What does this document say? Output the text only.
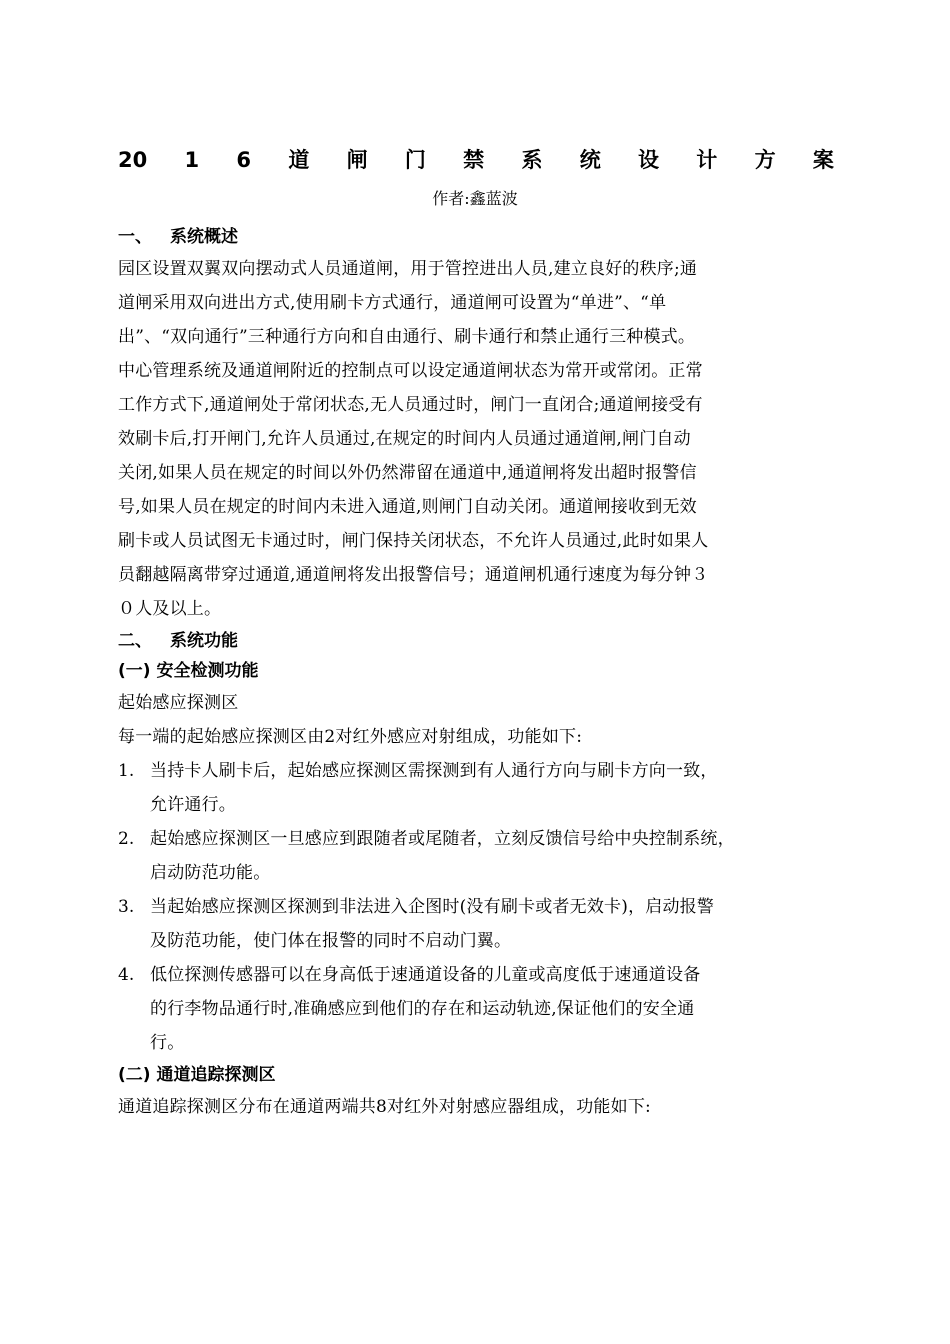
20 1 6 道 闸 门 禁 系 统 设 计 方 案
作者:鑫蓝波
一、 系统概述
园区设置双翼双向摆动式人员通道闸，用于管控进出人员,建立良好的秩序;通
道闸采用双向进出方式,使用刷卡方式通行，通道闸可设置为“单进”、“单
出”、“双向通行”三种通行方向和自由通行、刷卡通行和禁止通行三种模式。
中心管理系统及通道闸附近的控制点可以设定通道闸状态为常开或常闭。正常
工作方式下,通道闸处于常闭状态,无人员通过时，闸门一直闭合;通道闸接受有
效刷卡后,打开闸门,允许人员通过,在规定的时间内人员通过通道闸,闸门自动
关闭,如果人员在规定的时间以外仍然滞留在通道中,通道闸将发出超时报警信
号,如果人员在规定的时间内未进入通道,则闸门自动关闭。通道闸接收到无效
刷卡或人员试图无卡通过时，闸门保持关闭状态，不允许人员通过,此时如果人
员翻越隔离带穿过通道,通道闸将发出报警信号；通道闸机通行速度为每分钟３
０人及以上。
二、 系统功能
(一) 安全检测功能
起始感应探测区
每一端的起始感应探测区由2对红外感应对射组成，功能如下:
1. 当持卡人刷卡后，起始感应探测区需探测到有人通行方向与刷卡方向一致，
允许通行。
2. 起始感应探测区一旦感应到跟随者或尾随者，立刻反馈信号给中央控制系统，
启动防范功能。
3. 当起始感应探测区探测到非法进入企图时(没有刷卡或者无效卡)，启动报警
及防范功能，使门体在报警的同时不启动门翼。
4. 低位探测传感器可以在身高低于速通道设备的儿童或高度低于速通道设备
的行李物品通行时,准确感应到他们的存在和运动轨迹,保证他们的安全通
行。
(二) 通道追踪探测区
通道追踪探测区分布在通道两端共8对红外对射感应器组成，功能如下:
